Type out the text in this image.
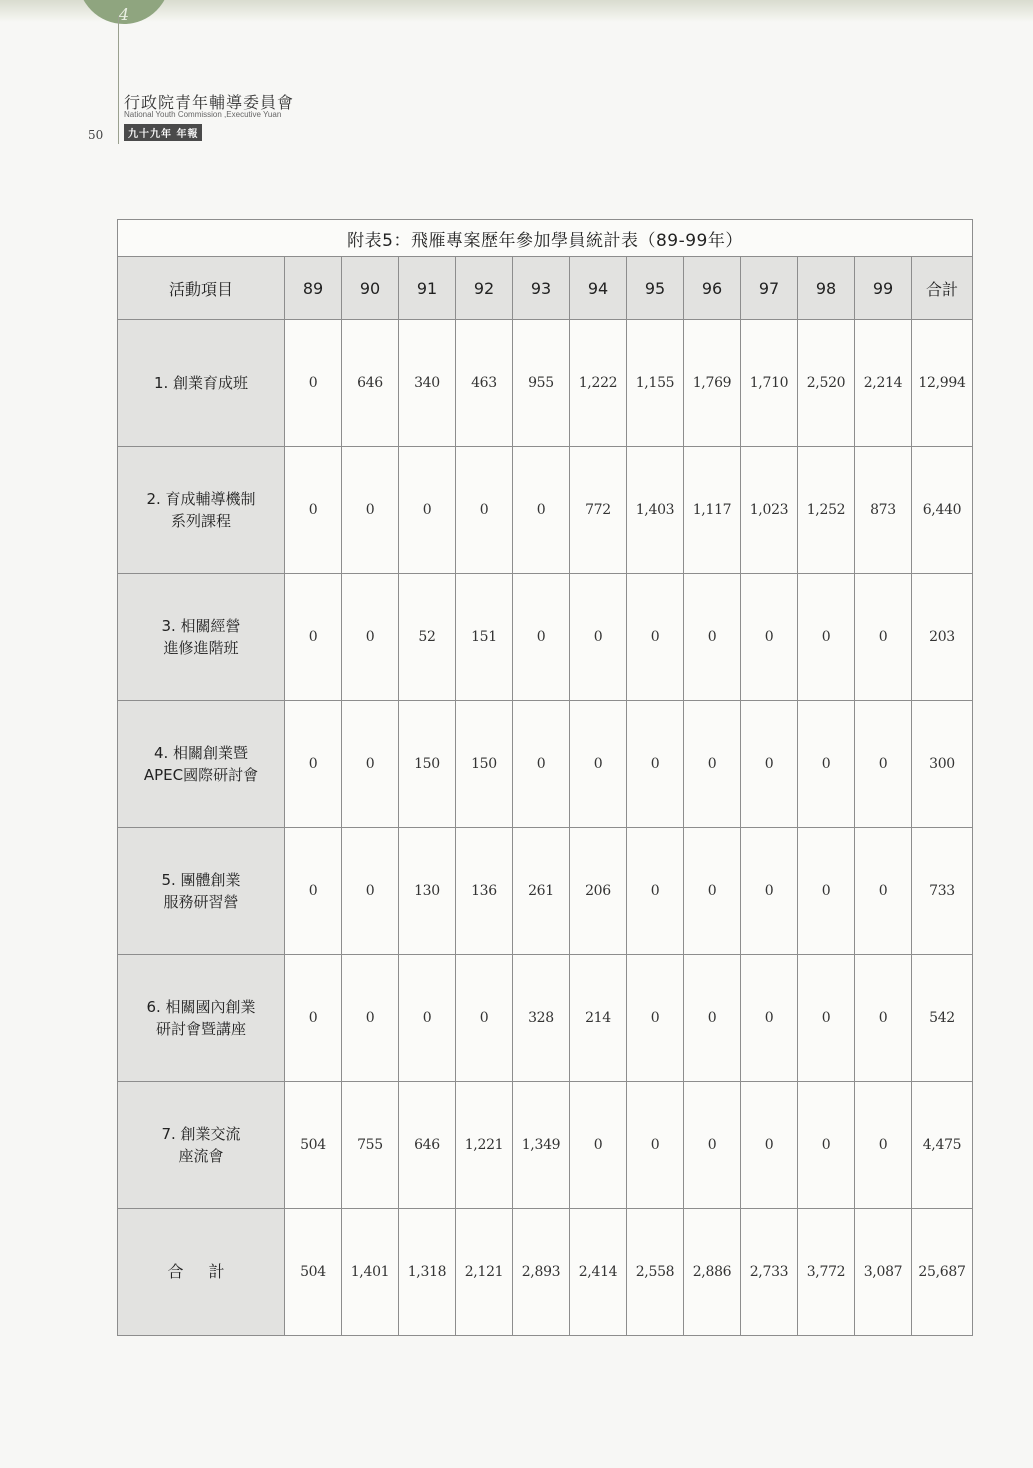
4
行政院青年輔導委員會
National Youth Commission ,Executive Yuan
九十九年 年報
50
附表5：飛雁專案歷年參加學員統計表（89-99年）												
活動項目	89	90	91	92	93	94	95	96	97	98	99	合計

1. 創業育成班	0	646	340	463	955	1,222	1,155	1,769	1,710	2,520	2,214	12,994

2. 育成輔導機制
系列課程	0	0	0	0	0	772	1,403	1,117	1,023	1,252	873	6,440

3. 相關經營
進修進階班	0	0	52	151	0	0	0	0	0	0	0	203

4. 相關創業暨
APEC國際研討會	0	0	150	150	0	0	0	0	0	0	0	300

5. 團體創業
服務研習營	0	0	130	136	261	206	0	0	0	0	0	733

6. 相關國內創業
研討會暨講座	0	0	0	0	328	214	0	0	0	0	0	542

7. 創業交流
座流會	504	755	646	1,221	1,349	0	0	0	0	0	0	4,475
合 計	504	1,401	1,318	2,121	2,893	2,414	2,558	2,886	2,733	3,772	3,087	25,687
